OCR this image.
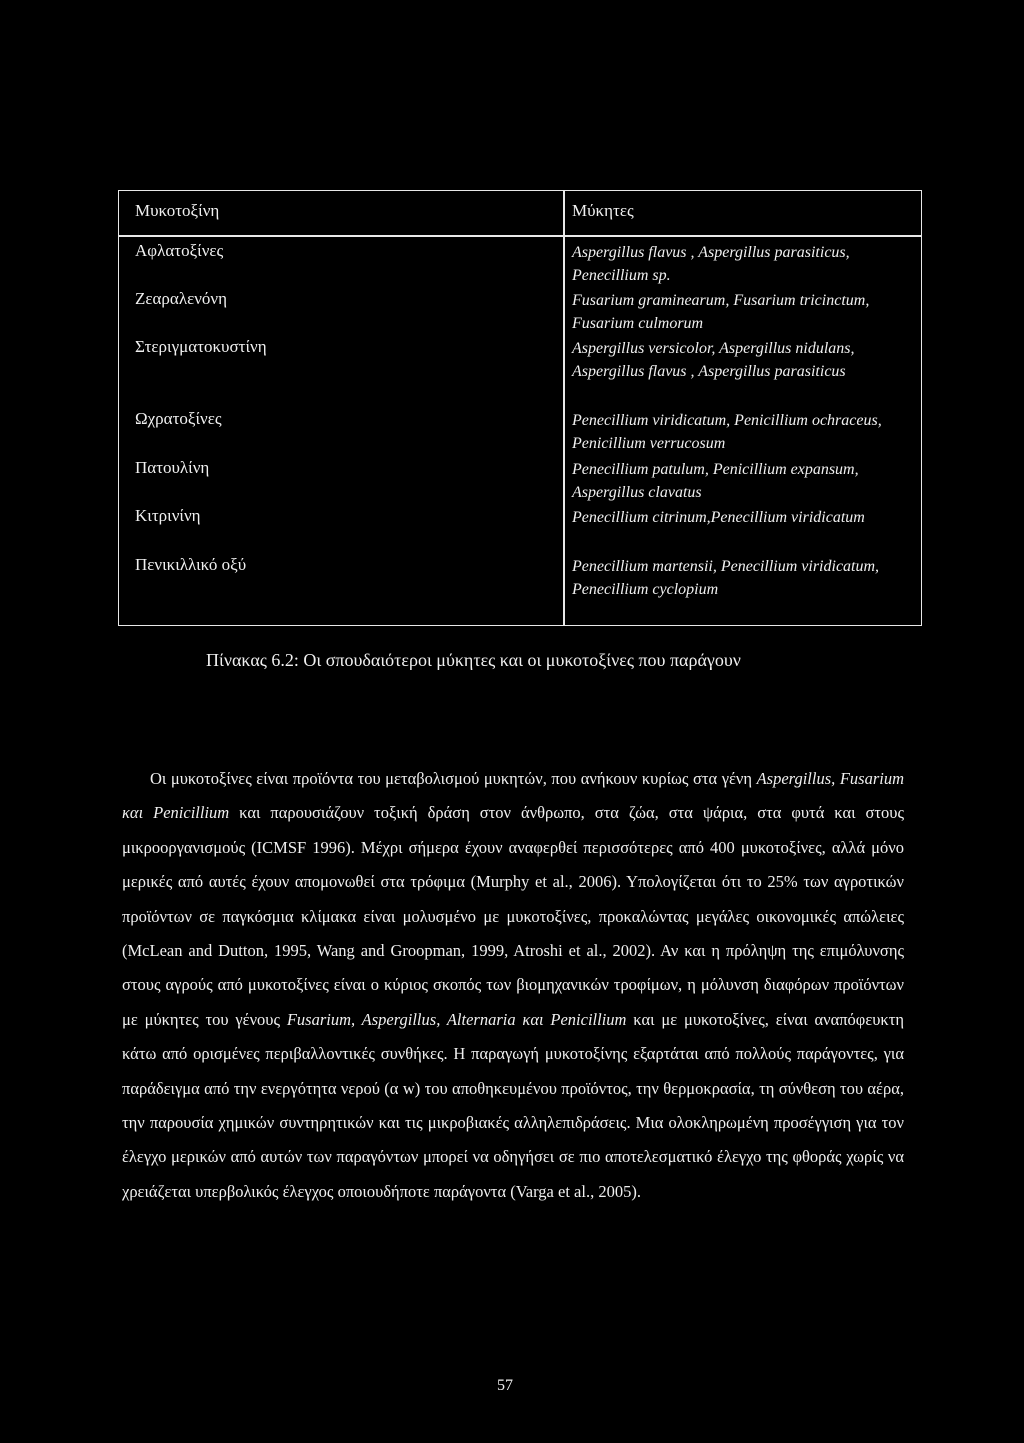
Μυκοτοξίνη	Μύκητες
Αφλατοξίνες	Aspergillus flavus , Aspergillus parasiticus, Penecillium sp.
Ζεαραλενόνη	Fusarium graminearum, Fusarium tricinctum, Fusarium culmorum
Στεριγματοκυστίνη	Aspergillus versicolor, Aspergillus nidulans, Aspergillus flavus , Aspergillus parasiticus
Ωχρατοξίνες	Penecillium viridicatum, Penicillium ochraceus, Penicillium verrucosum
Πατουλίνη	Penecillium patulum, Penicillium expansum, Aspergillus clavatus
Κιτρινίνη	Penecillium citrinum,Penecillium viridicatum
Πενικιλλικό οξύ	Penecillium martensii, Penecillium viridicatum, Penecillium cyclopium
Πίνακας 6.2: Οι σπουδαιότεροι μύκητες και οι μυκοτοξίνες που παράγουν
Οι μυκοτοξίνες είναι προϊόντα του μεταβολισμού μυκητών, που ανήκουν κυρίως στα γένη Aspergillus, Fusarium και Penicillium και παρουσιάζουν τοξική δράση στον άνθρωπο, στα ζώα, στα ψάρια, στα φυτά και στους μικροοργανισμούς (ICMSF 1996). Μέχρι σήμερα έχουν αναφερθεί περισσότερες από 400 μυκοτοξίνες, αλλά μόνο μερικές από αυτές έχουν απομονωθεί στα τρόφιμα (Murphy et al., 2006). Υπολογίζεται ότι το 25% των αγροτικών προϊόντων σε παγκόσμια κλίμακα είναι μολυσμένο με μυκοτοξίνες, προκαλώντας μεγάλες οικονομικές απώλειες (McLean and Dutton, 1995, Wang and Groopman, 1999, Atroshi et al., 2002). Αν και η πρόληψη της επιμόλυνσης στους αγρούς από μυκοτοξίνες είναι ο κύριος σκοπός των βιομηχανικών τροφίμων, η μόλυνση διαφόρων προϊόντων με μύκητες του γένους Fusarium, Aspergillus, Alternaria και Penicillium και με μυκοτοξίνες, είναι αναπόφευκτη κάτω από ορισμένες περιβαλλοντικές συνθήκες. Η παραγωγή μυκοτοξίνης εξαρτάται από πολλούς παράγοντες, για παράδειγμα από την ενεργότητα νερού (α w) του αποθηκευμένου προϊόντος, την θερμοκρασία, τη σύνθεση του αέρα, την παρουσία χημικών συντηρητικών και τις μικροβιακές αλληλεπιδράσεις. Μια ολοκληρωμένη προσέγγιση για τον έλεγχο μερικών από αυτών των παραγόντων μπορεί να οδηγήσει σε πιο αποτελεσματικό έλεγχο της φθοράς χωρίς να χρειάζεται υπερβολικός έλεγχος οποιουδήποτε παράγοντα (Varga et al., 2005).
57
